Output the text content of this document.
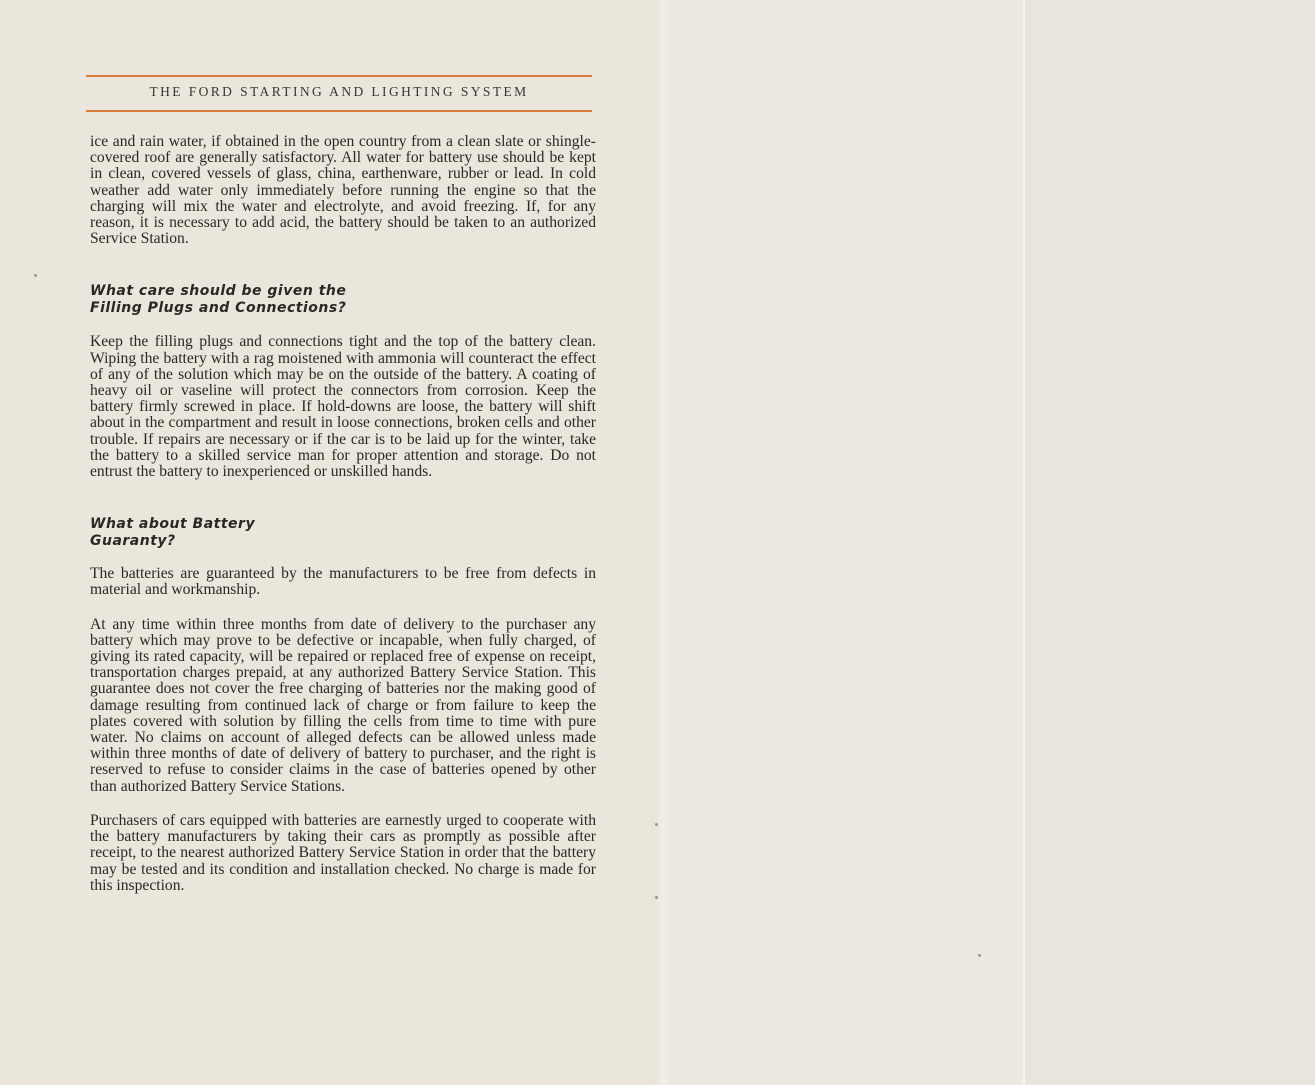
THE FORD STARTING AND LIGHTING SYSTEM

ice and rain water, if obtained in the open country from a clean slate or shingle-covered roof are generally satisfactory. All water for battery use should be kept in clean, covered vessels of glass, china, earthenware, rubber or lead. In cold weather add water only immediately before running the engine so that the charging will mix the water and electrolyte, and avoid freezing. If, for any reason, it is necessary to add acid, the battery should be taken to an authorized Service Station.

What care should be given the
Filling Plugs and Connections?

Keep the filling plugs and connections tight and the top of the battery clean. Wiping the battery with a rag moistened with ammonia will counteract the effect of any of the solution which may be on the outside of the battery. A coating of heavy oil or vaseline will protect the connectors from corrosion. Keep the battery firmly screwed in place. If hold-downs are loose, the battery will shift about in the compartment and result in loose connections, broken cells and other trouble. If repairs are necessary or if the car is to be laid up for the winter, take the battery to a skilled service man for proper attention and storage. Do not entrust the battery to inexperienced or unskilled hands.

What about Battery
Guaranty?

The batteries are guaranteed by the manufacturers to be free from defects in material and workmanship.

At any time within three months from date of delivery to the purchaser any battery which may prove to be defective or incapable, when fully charged, of giving its rated capacity, will be repaired or replaced free of expense on receipt, transportation charges prepaid, at any authorized Battery Service Station. This guarantee does not cover the free charging of batteries nor the making good of damage resulting from continued lack of charge or from failure to keep the plates covered with solution by filling the cells from time to time with pure water. No claims on account of alleged defects can be allowed unless made within three months of date of delivery of battery to purchaser, and the right is reserved to refuse to consider claims in the case of batteries opened by other than authorized Battery Service Stations.

Purchasers of cars equipped with batteries are earnestly urged to cooperate with the battery manufacturers by taking their cars as promptly as possible after receipt, to the nearest authorized Battery Service Station in order that the battery may be tested and its condition and installation checked. No charge is made for this inspection.
